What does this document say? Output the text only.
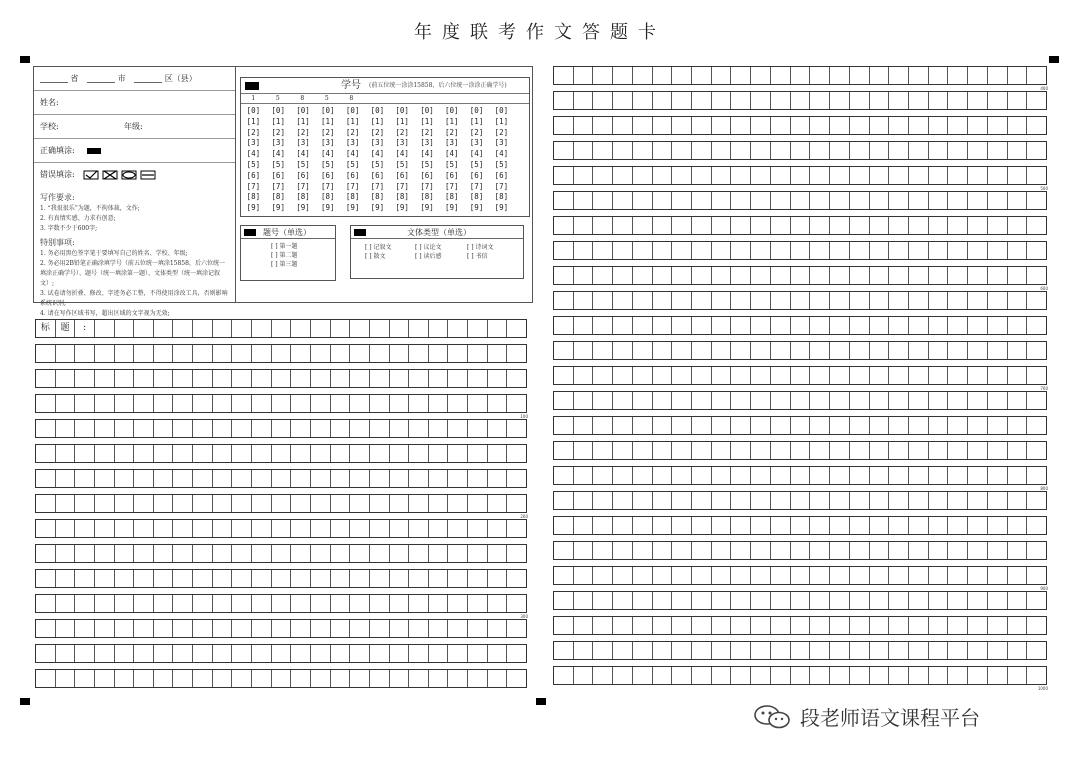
年度联考作文答题卡
省	市	区（县）
姓名:
学校:	年级:
正确填涂:
错误填涂:
写作要求:
1. “我很很乐”为题，不拘体裁，文作;
2. 有真情实感、力求有创意;
3. 字数不少于600字;
特别事项:
1. 务必用黑色签字笔于要填写自己的姓名、学校、年级;
2. 务必用2B铅笔正确涂填学号（前五位统一填涂15858，后六位统一填涂正确学号）、题号（统一填涂第一题）、文体类型（统一填涂记叙文）;
3. 试卷请勿折叠、修改、字迹务必工整，不得使用涂改工具，否则影响系统识别;
4. 请在写作区域书写，超出区域的文字视为无效;
学号 (前五位统一涂涂15858，后六位统一涂涂正确学号)
1	5	8	5	8
[0]	[0]	[0]	[0]	[0]	[0]	[0]	[0]	[0]	[0]	[0]
[1]	[1]	[1]	[1]	[1]	[1]	[1]	[1]	[1]	[1]	[1]
[2]	[2]	[2]	[2]	[2]	[2]	[2]	[2]	[2]	[2]	[2]
[3]	[3]	[3]	[3]	[3]	[3]	[3]	[3]	[3]	[3]	[3]
[4]	[4]	[4]	[4]	[4]	[4]	[4]	[4]	[4]	[4]	[4]
[5]	[5]	[5]	[5]	[5]	[5]	[5]	[5]	[5]	[5]	[5]
[6]	[6]	[6]	[6]	[6]	[6]	[6]	[6]	[6]	[6]	[6]
[7]	[7]	[7]	[7]	[7]	[7]	[7]	[7]	[7]	[7]	[7]
[8]	[8]	[8]	[8]	[8]	[8]	[8]	[8]	[8]	[8]	[8]
[9]	[9]	[9]	[9]	[9]	[9]	[9]	[9]	[9]	[9]	[9]
题号（单选）
[ ] 第一题
[ ] 第二题
[ ] 第三题
文体类型（单选）
[ ] 记叙文	[ ] 议论文	[ ] 诗词文
[ ] 散文	[ ] 读后感	[ ] 书信
标	题	:
100
200
300
400
500
600
700
800
900
1000
段老师语文课程平台
